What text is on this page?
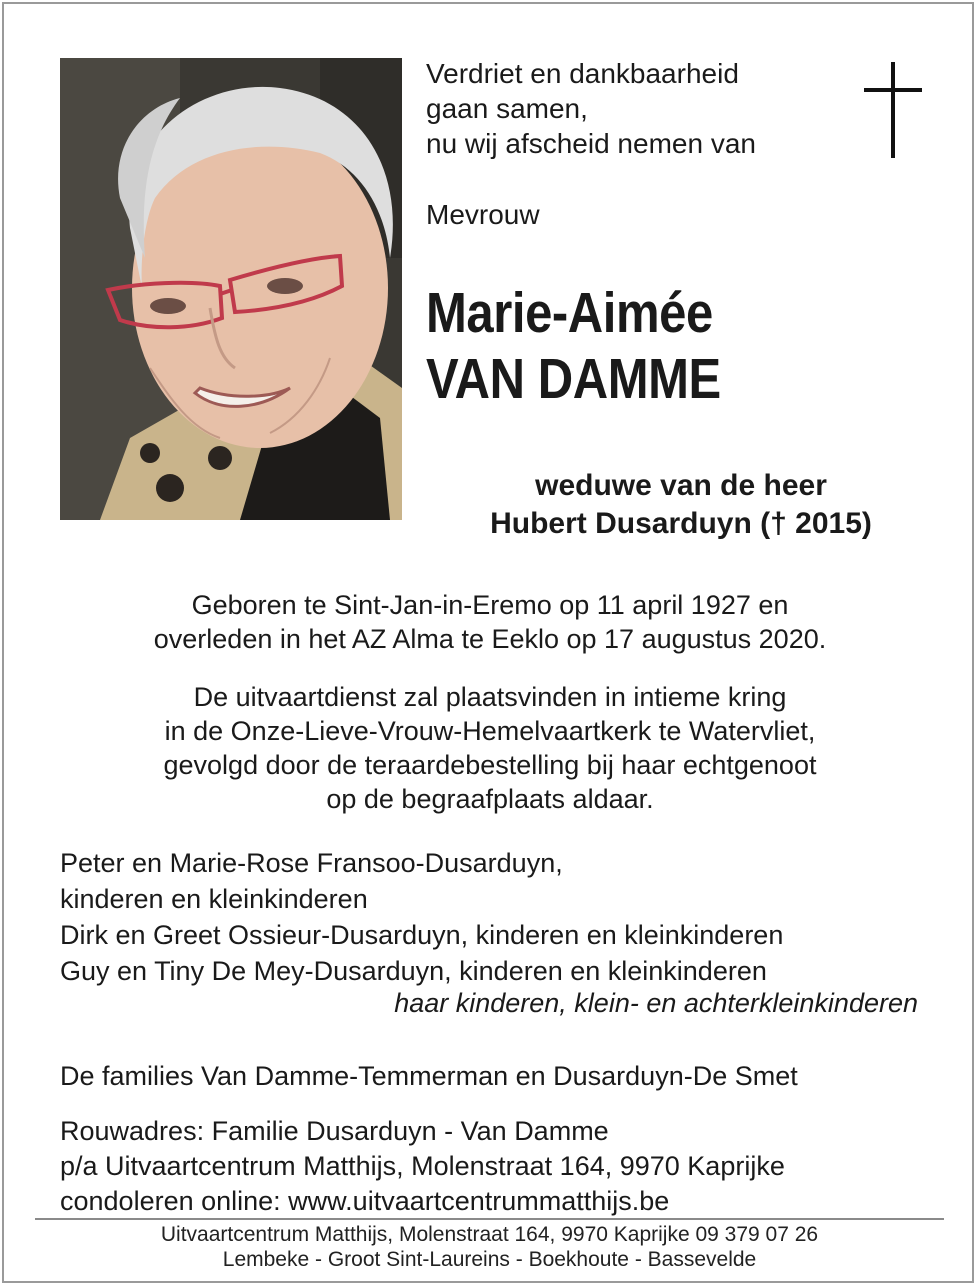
Verdriet en dankbaarheid
gaan samen,
nu wij afscheid nemen van
Mevrouw
Marie-Aimée
VAN DAMME
weduwe van de heer
Hubert Dusarduyn († 2015)
Geboren te Sint-Jan-in-Eremo op 11 april 1927 en
overleden in het AZ Alma te Eeklo op 17 augustus 2020.
De uitvaartdienst zal plaatsvinden in intieme kring
in de Onze-Lieve-Vrouw-Hemelvaartkerk te Watervliet,
gevolgd door de teraardebestelling bij haar echtgenoot
op de begraafplaats aldaar.
Peter en Marie-Rose Fransoo-Dusarduyn,
kinderen en kleinkinderen
Dirk en Greet Ossieur-Dusarduyn, kinderen en kleinkinderen
Guy en Tiny De Mey-Dusarduyn, kinderen en kleinkinderen
haar kinderen, klein- en achterkleinkinderen
De families Van Damme-Temmerman en Dusarduyn-De Smet
Rouwadres: Familie Dusarduyn - Van Damme
p/a Uitvaartcentrum Matthijs, Molenstraat 164, 9970 Kaprijke
condoleren online: www.uitvaartcentrummatthijs.be
Uitvaartcentrum Matthijs, Molenstraat 164, 9970 Kaprijke 09 379 07 26
Lembeke - Groot Sint-Laureins - Boekhoute - Bassevelde
